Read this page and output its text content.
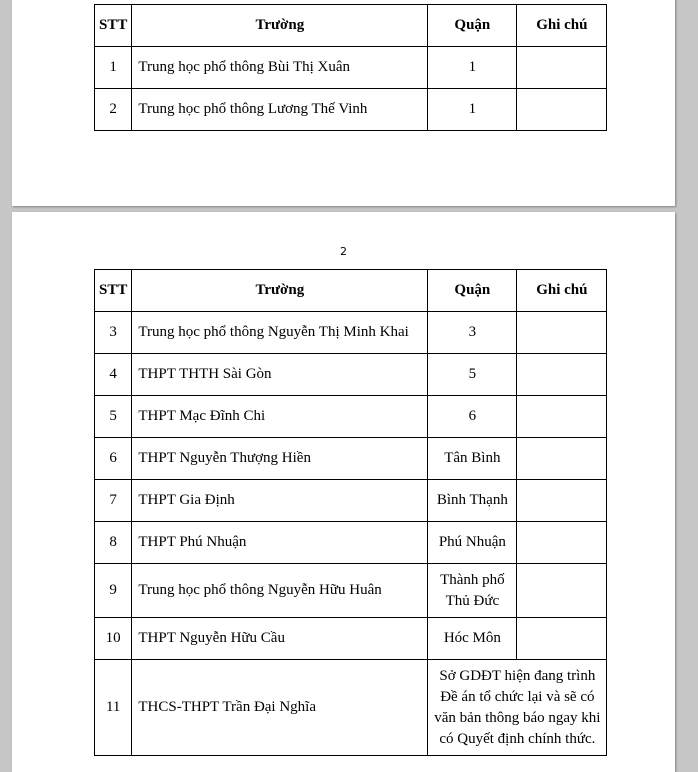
STT	Trường	Quận	Ghi chú
1	Trung học phổ thông Bùi Thị Xuân	1	
2	Trung học phổ thông Lương Thế Vinh	1	
2
STT	Trường	Quận	Ghi chú
3	Trung học phổ thông Nguyễn Thị Minh Khai	3	
4	THPT THTH Sài Gòn	5	
5	THPT Mạc Đĩnh Chi	6	
6	THPT Nguyễn Thượng Hiền	Tân Bình	
7	THPT Gia Định	Bình Thạnh	
8	THPT Phú Nhuận	Phú Nhuận	
9	Trung học phổ thông Nguyễn Hữu Huân	Thành phố Thủ Đức	
10	THPT Nguyễn Hữu Cầu	Hóc Môn	
11	THCS-THPT Trần Đại Nghĩa	Sở GDĐT hiện đang trình Đề án tổ chức lại và sẽ có văn bản thông báo ngay khi có Quyết định chính thức.	
